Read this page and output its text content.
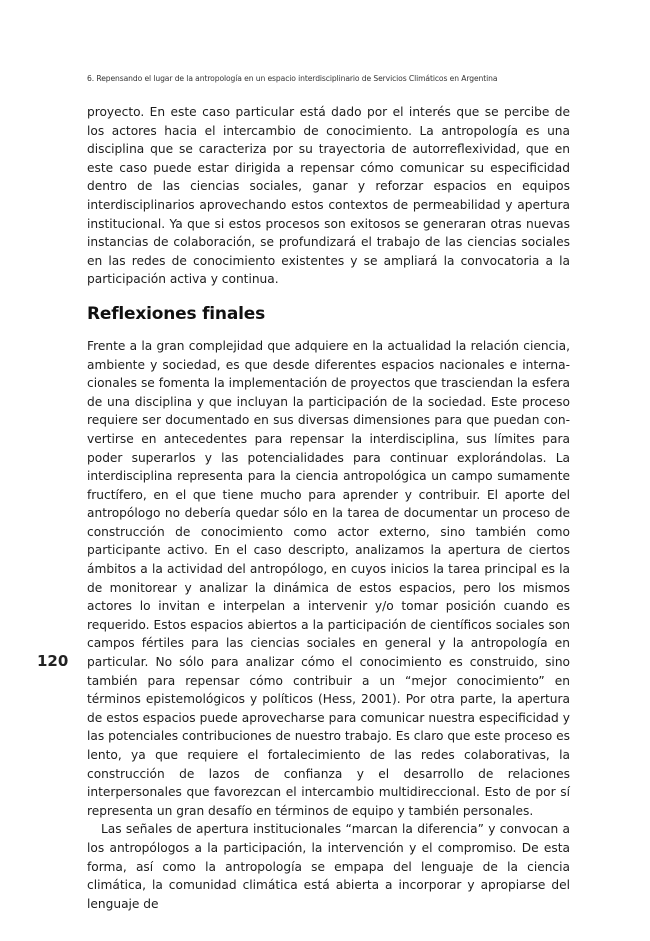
6. Repensando el lugar de la antropología en un espacio interdisciplinario de Servicios Climáticos en Argentina
120

proyecto. En este caso particular está dado por el interés que se percibe de los actores hacia el intercambio de conocimiento. La antropología es una disciplina que se caracteriza por su trayectoria de autorreflexividad, que en este caso puede estar dirigida a repensar cómo comunicar su especificidad dentro de las ciencias sociales, ganar y reforzar espacios en equipos interdisciplinarios aprovechando estos contextos de permeabilidad y apertura institucional. Ya que si estos procesos son exitosos se generaran otras nuevas instancias de colaboración, se profundizará el trabajo de las ciencias sociales en las redes de conocimiento existentes y se ampliará la convocatoria a la participación activa y continua.

Reflexiones finales

Frente a la gran complejidad que adquiere en la actualidad la relación ciencia, ambiente y sociedad, es que desde diferentes espacios nacionales e internacionales se fomenta la implementación de proyectos que trasciendan la esfera de una disciplina y que incluyan la participación de la sociedad. Este proceso requiere ser documentado en sus diversas dimensiones para que puedan convertirse en antecedentes para repensar la interdisciplina, sus límites para poder superarlos y las potencialidades para continuar explorándolas. La interdisciplina representa para la ciencia antropológica un campo sumamente fructífero, en el que tiene mucho para aprender y contribuir. El aporte del antropólogo no debería quedar sólo en la tarea de documentar un proceso de construcción de conocimiento como actor externo, sino también como participante activo. En el caso descripto, analizamos la apertura de ciertos ámbitos a la actividad del antropólogo, en cuyos inicios la tarea principal es la de monitorear y analizar la dinámica de estos espacios, pero los mismos actores lo invitan e interpelan a intervenir y/o tomar posición cuando es requerido. Estos espacios abiertos a la participación de científicos sociales son campos fértiles para las ciencias sociales en general y la antropología en particular. No sólo para analizar cómo el conocimiento es construido, sino también para repensar cómo contribuir a un “mejor conocimiento” en términos epistemológicos y políticos (Hess, 2001). Por otra parte, la apertura de estos espacios puede aprovecharse para comunicar nuestra especificidad y las potenciales contribuciones de nuestro trabajo. Es claro que este proceso es lento, ya que requiere el fortalecimiento de las redes colaborativas, la construcción de lazos de confianza y el desarrollo de relaciones interpersonales que favorezcan el intercambio multidireccional. Esto de por sí representa un gran desafío en términos de equipo y también personales.

Las señales de apertura institucionales “marcan la diferencia” y convocan a los antropólogos a la participación, la intervención y el compromiso. De esta forma, así como la antropología se empapa del lenguaje de la ciencia climática, la comunidad climática está abierta a incorporar y apropiarse del lenguaje de
